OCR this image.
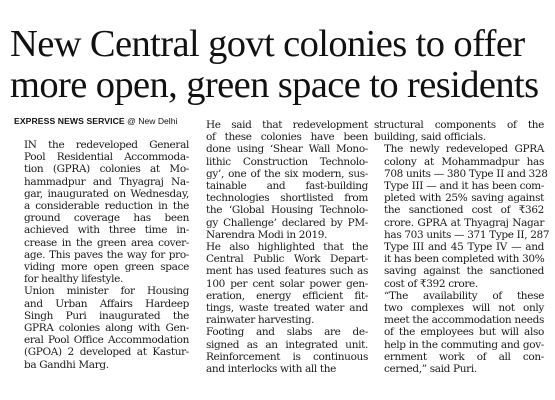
New Central govt colonies to offer
more open, green space to residents
EXPRESS NEWS SERVICE @ New Delhi

IN the redeveloped General
Pool Residential Accommoda-
tion (GPRA) colonies at Mo-
hammadpur and Thyagraj Na-
gar, inaugurated on Wednesday,
a considerable reduction in the
ground coverage has been
achieved with three time in-
crease in the green area cover-
age. This paves the way for pro-
viding more open green space
for healthy lifestyle.

Union minister for Housing
and Urban Affairs Hardeep
Singh Puri inaugurated the
GPRA colonies along with Gen-
eral Pool Office Accommodation
(GPOA) 2 developed at Kastur-
ba Gandhi Marg.

He said that redevelopment
of these colonies have been
done using ‘Shear Wall Mono-
lithic Construction Technolo-
gy’, one of the six modern, sus-
tainable and fast-building
technologies shortlisted from
the ‘Global Housing Technolo-
gy Challenge’ declared by PM-
Narendra Modi in 2019.

He also highlighted that the
Central Public Work Depart-
ment has used features such as
100 per cent solar power gen-
eration, energy efficient fit-
tings, waste treated water and
rainwater harvesting.

Footing and slabs are de-
signed as an integrated unit.
Reinforcement is continuous
and interlocks with all the

structural components of the
building, said officials.

The newly redeveloped GPRA
colony at Mohammadpur has
708 units — 380 Type II and 328
Type III — and it has been com-
pleted with 25% saving against
the sanctioned cost of ₹362
crore. GPRA at Thyagraj Nagar
has 703 units — 371 Type II, 287
Type III and 45 Type IV — and
it has been completed with 30%
saving against the sanctioned
cost of ₹392 crore.

“The availability of these
two complexes will not only
meet the accommodation needs
of the employees but will also
help in the commuting and gov-
ernment work of all con-
cerned,” said Puri.
